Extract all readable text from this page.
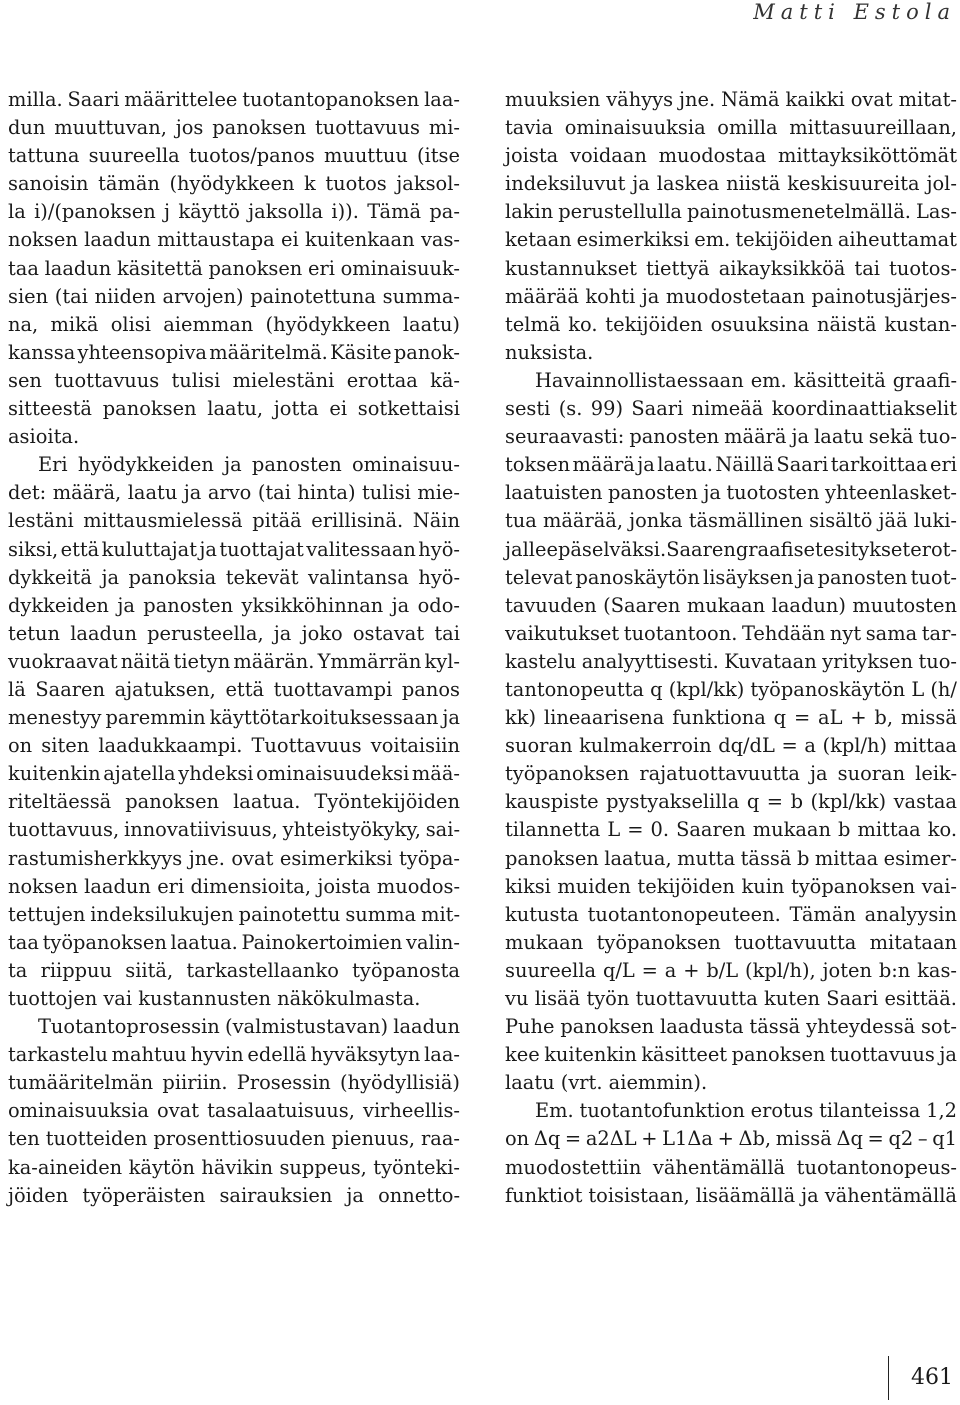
Matti Estola
milla. Saari määrittelee tuotantopanoksen laa-
dun muuttuvan, jos panoksen tuottavuus mi-
tattuna suureella tuotos/panos muuttuu (itse
sanoisin tämän (hyödykkeen k tuotos jaksol-
la i)/(panoksen j käyttö jaksolla i)). Tämä pa-
noksen laadun mittaustapa ei kuitenkaan vas-
taa laadun käsitettä panoksen eri ominaisuuk-
sien (tai niiden arvojen) painotettuna summa-
na, mikä olisi aiemman (hyödykkeen laatu)
kanssa yhteensopiva määritelmä. Käsite panok-
sen tuottavuus tulisi mielestäni erottaa kä-
sitteestä panoksen laatu, jotta ei sotkettaisi
asioita.
Eri hyödykkeiden ja panosten ominaisuu-
det: määrä, laatu ja arvo (tai hinta) tulisi mie-
lestäni mittausmielessä pitää erillisinä. Näin
siksi, että kuluttajat ja tuottajat valitessaan hyö-
dykkeitä ja panoksia tekevät valintansa hyö-
dykkeiden ja panosten yksikköhinnan ja odo-
tetun laadun perusteella, ja joko ostavat tai
vuokraavat näitä tietyn määrän. Ymmärrän kyl-
lä Saaren ajatuksen, että tuottavampi panos
menestyy paremmin käyttötarkoituksessaan ja
on siten laadukkaampi. Tuottavuus voitaisiin
kuitenkin ajatella yhdeksi ominaisuudeksi mää-
riteltäessä panoksen laatua. Työntekijöiden
tuottavuus, innovatiivisuus, yhteistyökyky, sai-
rastumisherkkyys jne. ovat esimerkiksi työpa-
noksen laadun eri dimensioita, joista muodos-
tettujen indeksilukujen painotettu summa mit-
taa työpanoksen laatua. Painokertoimien valin-
ta riippuu siitä, tarkastellaanko työpanosta
tuottojen vai kustannusten näkökulmasta.
Tuotantoprosessin (valmistustavan) laadun
tarkastelu mahtuu hyvin edellä hyväksytyn laa-
tumääritelmän piiriin. Prosessin (hyödyllisiä)
ominaisuuksia ovat tasalaatuisuus, virheellis-
ten tuotteiden prosenttiosuuden pienuus, raa-
ka-aineiden käytön hävikin suppeus, työnteki-
jöiden työperäisten sairauksien ja onnetto-
muuksien vähyys jne. Nämä kaikki ovat mitat-
tavia ominaisuuksia omilla mittasuureillaan,
joista voidaan muodostaa mittayksiköttömät
indeksiluvut ja laskea niistä keskisuureita jol-
lakin perustellulla painotusmenetelmällä. Las-
ketaan esimerkiksi em. tekijöiden aiheuttamat
kustannukset tiettyä aikayksikköä tai tuotos-
määrää kohti ja muodostetaan painotusjärjes-
telmä ko. tekijöiden osuuksina näistä kustan-
nuksista.
Havainnollistaessaan em. käsitteitä graafi-
sesti (s. 99) Saari nimeää koordinaattiakselit
seuraavasti: panosten määrä ja laatu sekä tuo-
toksen määrä ja laatu. Näillä Saari tarkoittaa eri
laatuisten panosten ja tuotosten yhteenlasket-
tua määrää, jonka täsmällinen sisältö jää luki-
jalle epäselväksi. Saaren graafiset esitykset erot-
televat panoskäytön lisäyksen ja panosten tuot-
tavuuden (Saaren mukaan laadun) muutosten
vaikutukset tuotantoon. Tehdään nyt sama tar-
kastelu analyyttisesti. Kuvataan yrityksen tuo-
tantonopeutta q (kpl/kk) työpanoskäytön L (h/
kk) lineaarisena funktiona q = aL + b, missä
suoran kulmakerroin dq/dL = a (kpl/h) mittaa
työpanoksen rajatuottavuutta ja suoran leik-
kauspiste pystyakselilla q = b (kpl/kk) vastaa
tilannetta L = 0. Saaren mukaan b mittaa ko.
panoksen laatua, mutta tässä b mittaa esimer-
kiksi muiden tekijöiden kuin työpanoksen vai-
kutusta tuotantonopeuteen. Tämän analyysin
mukaan työpanoksen tuottavuutta mitataan
suureella q/L = a + b/L (kpl/h), joten b:n kas-
vu lisää työn tuottavuutta kuten Saari esittää.
Puhe panoksen laadusta tässä yhteydessä sot-
kee kuitenkin käsitteet panoksen tuottavuus ja
laatu (vrt. aiemmin).
Em. tuotantofunktion erotus tilanteissa 1,2
on Δq = a2ΔL + L1Δa + Δb, missä Δq = q2 – q1
muodostettiin vähentämällä tuotantonopeus-
funktiot toisistaan, lisäämällä ja vähentämällä
461
